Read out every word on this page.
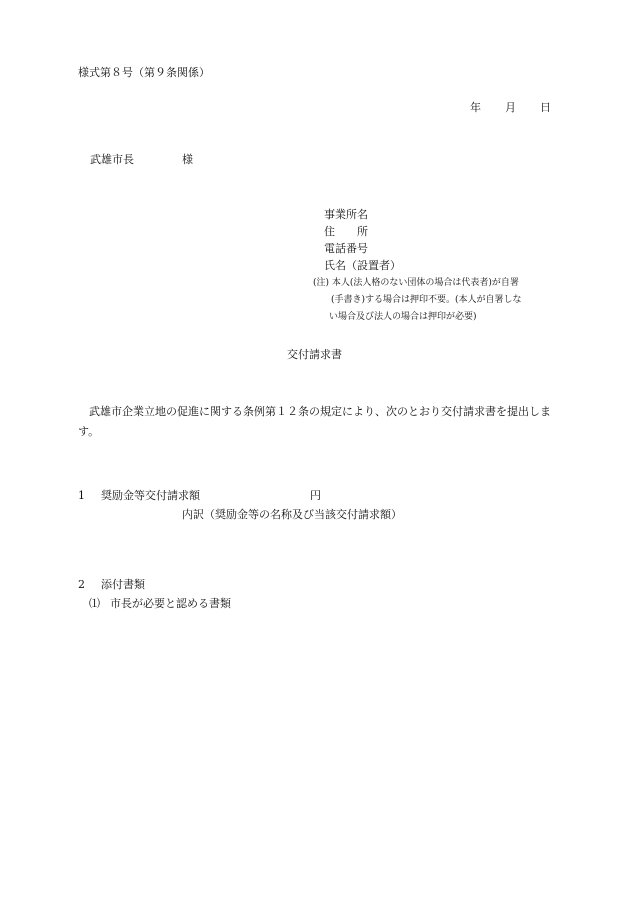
様式第８号（第９条関係）

年 月 日
武雄市長	様

事業所名

住　　所

電話番号

氏名（設置者）

(注) 本人(法人格のない団体の場合は代表者)が自署

(手書き)する場合は押印不要。(本人が自署しな

い場合及び法人の場合は押印が必要)

交付請求書

武雄市企業立地の促進に関する条例第１２条の規定により、次のとおり交付請求書を提出します。

1 奨励金等交付請求額	円

内訳（奨励金等の名称及び当該交付請求額）

2 添付書類
⑴ 市長が必要と認める書類
